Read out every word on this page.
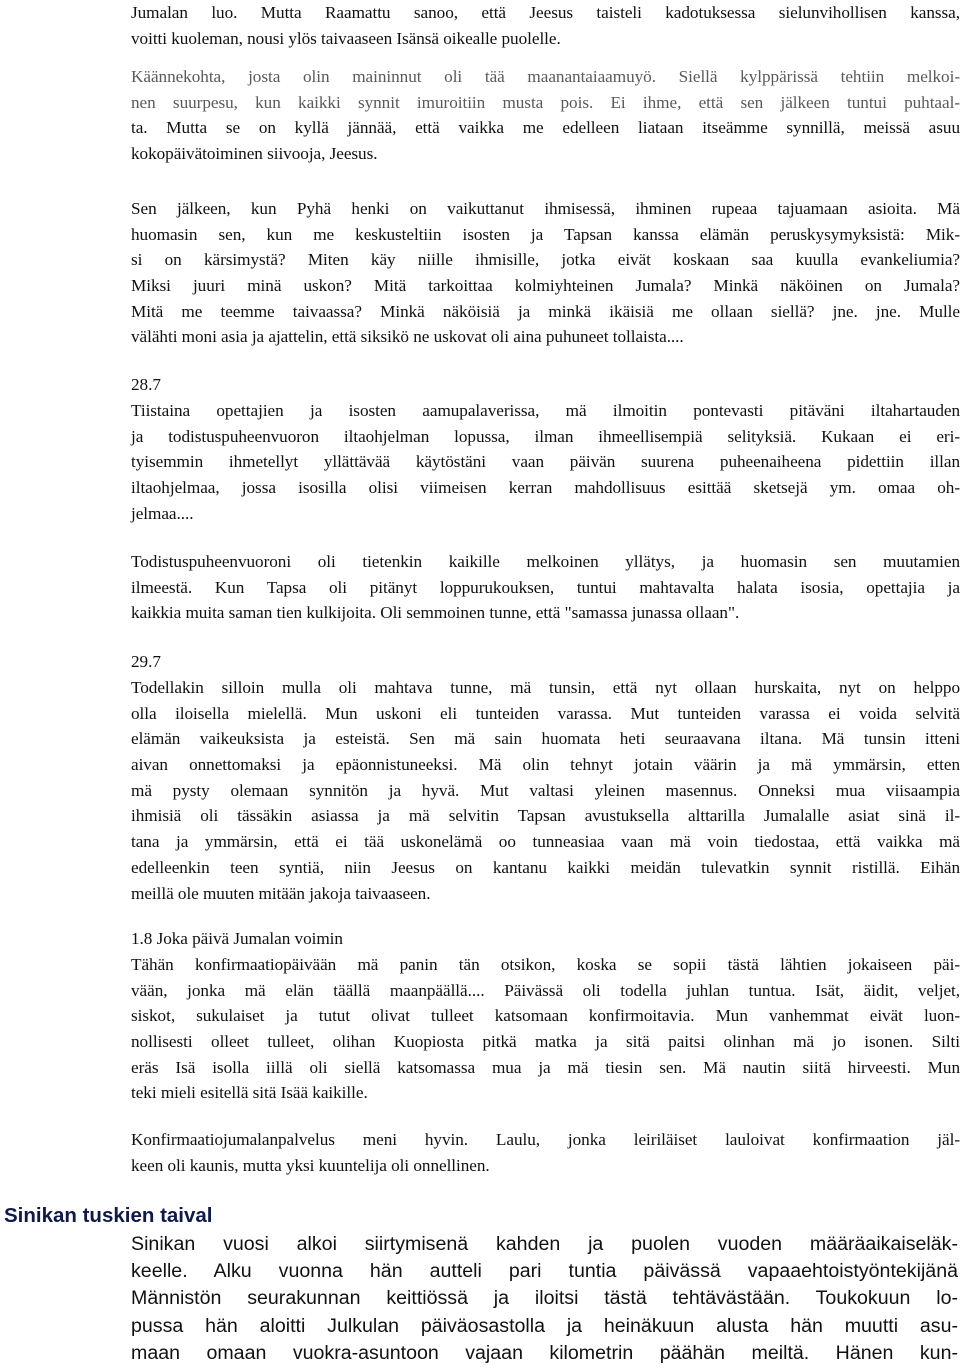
Jumalan luo. Mutta Raamattu sanoo, että Jeesus taisteli kadotuksessa sielunvihollisen kanssa,
voitti kuoleman, nousi ylös taivaaseen Isänsä oikealle puolelle.
Käännekohta, josta olin maininnut oli tää maanantaiaamuyö. Siellä kylppärissä tehtiin melkoi-
nen suurpesu, kun kaikki synnit imuroitiin musta pois. Ei ihme, että sen jälkeen tuntui puhtaal-
ta. Mutta se on kyllä jännää, että vaikka me edelleen liataan itseämme synnillä, meissä asuu
kokopäivätoiminen siivooja, Jeesus.
Sen jälkeen, kun Pyhä henki on vaikuttanut ihmisessä, ihminen rupeaa tajuamaan asioita. Mä
huomasin sen, kun me keskusteltiin isosten ja Tapsan kanssa elämän peruskysymyksistä: Mik-
si on kärsimystä? Miten käy niille ihmisille, jotka eivät koskaan saa kuulla evankeliumia?
Miksi juuri minä uskon? Mitä tarkoittaa kolmiyhteinen Jumala? Minkä näköinen on Jumala?
Mitä me teemme taivaassa? Minkä näköisiä ja minkä ikäisiä me ollaan siellä? jne. jne. Mulle
välähti moni asia ja ajattelin, että siksikö ne uskovat oli aina puhuneet tollaista....
28.7
Tiistaina opettajien ja isosten aamupalaverissa, mä ilmoitin pontevasti pitäväni iltahartauden
ja todistuspuheenvuoron iltaohjelman lopussa, ilman ihmeellisempiä selityksiä. Kukaan ei eri-
tyisemmin ihmetellyt yllättävää käytöstäni vaan päivän suurena puheenaiheena pidettiin illan
iltaohjelmaa, jossa isosilla olisi viimeisen kerran mahdollisuus esittää sketsejä ym. omaa oh-
jelmaa....
Todistuspuheenvuoroni oli tietenkin kaikille melkoinen yllätys, ja huomasin sen muutamien
ilmeestä. Kun Tapsa oli pitänyt loppurukouksen, tuntui mahtavalta halata isosia, opettajia ja
kaikkia muita saman tien kulkijoita. Oli semmoinen tunne, että "samassa junassa ollaan".
29.7
Todellakin silloin mulla oli mahtava tunne, mä tunsin, että nyt ollaan hurskaita, nyt on helppo
olla iloisella mielellä. Mun uskoni eli tunteiden varassa. Mut tunteiden varassa ei voida selvitä
elämän vaikeuksista ja esteistä. Sen mä sain huomata heti seuraavana iltana. Mä tunsin itteni
aivan onnettomaksi ja epäonnistuneeksi. Mä olin tehnyt jotain väärin ja mä ymmärsin, etten
mä pysty olemaan synnitön ja hyvä. Mut valtasi yleinen masennus. Onneksi mua viisaampia
ihmisiä oli tässäkin asiassa ja mä selvitin Tapsan avustuksella alttarilla Jumalalle asiat sinä il-
tana ja ymmärsin, että ei tää uskonelämä oo tunneasiaa vaan mä voin tiedostaa, että vaikka mä
edelleenkin teen syntiä, niin Jeesus on kantanu kaikki meidän tulevatkin synnit ristillä. Eihän
meillä ole muuten mitään jakoja taivaaseen.
1.8 Joka päivä Jumalan voimin
Tähän konfirmaatiopäivään mä panin tän otsikon, koska se sopii tästä lähtien jokaiseen päi-
vään, jonka mä elän täällä maanpäällä.... Päivässä oli todella juhlan tuntua. Isät, äidit, veljet,
siskot, sukulaiset ja tutut olivat tulleet katsomaan konfirmoitavia. Mun vanhemmat eivät luon-
nollisesti olleet tulleet, olihan Kuopiosta pitkä matka ja sitä paitsi olinhan mä jo isonen. Silti
eräs Isä isolla iillä oli siellä katsomassa mua ja mä tiesin sen. Mä nautin siitä hirveesti. Mun
teki mieli esitellä sitä Isää kaikille.
Konfirmaatiojumalanpalvelus meni hyvin. Laulu, jonka leiriläiset lauloivat konfirmaation jäl-
keen oli kaunis, mutta yksi kuuntelija oli onnellinen.
Sinikan tuskien taival
Sinikan vuosi alkoi siirtymisenä kahden ja puolen vuoden määräaikaiseläk-
keelle. Alku vuonna hän autteli pari tuntia päivässä vapaaehtoistyöntekijänä
Männistön seurakunnan keittiössä ja iloitsi tästä tehtävästään. Toukokuun lo-
pussa hän aloitti Julkulan päiväosastolla ja heinäkuun alusta hän muutti asu-
maan omaan vuokra-asuntoon vajaan kilometrin päähän meiltä. Hänen kun-
